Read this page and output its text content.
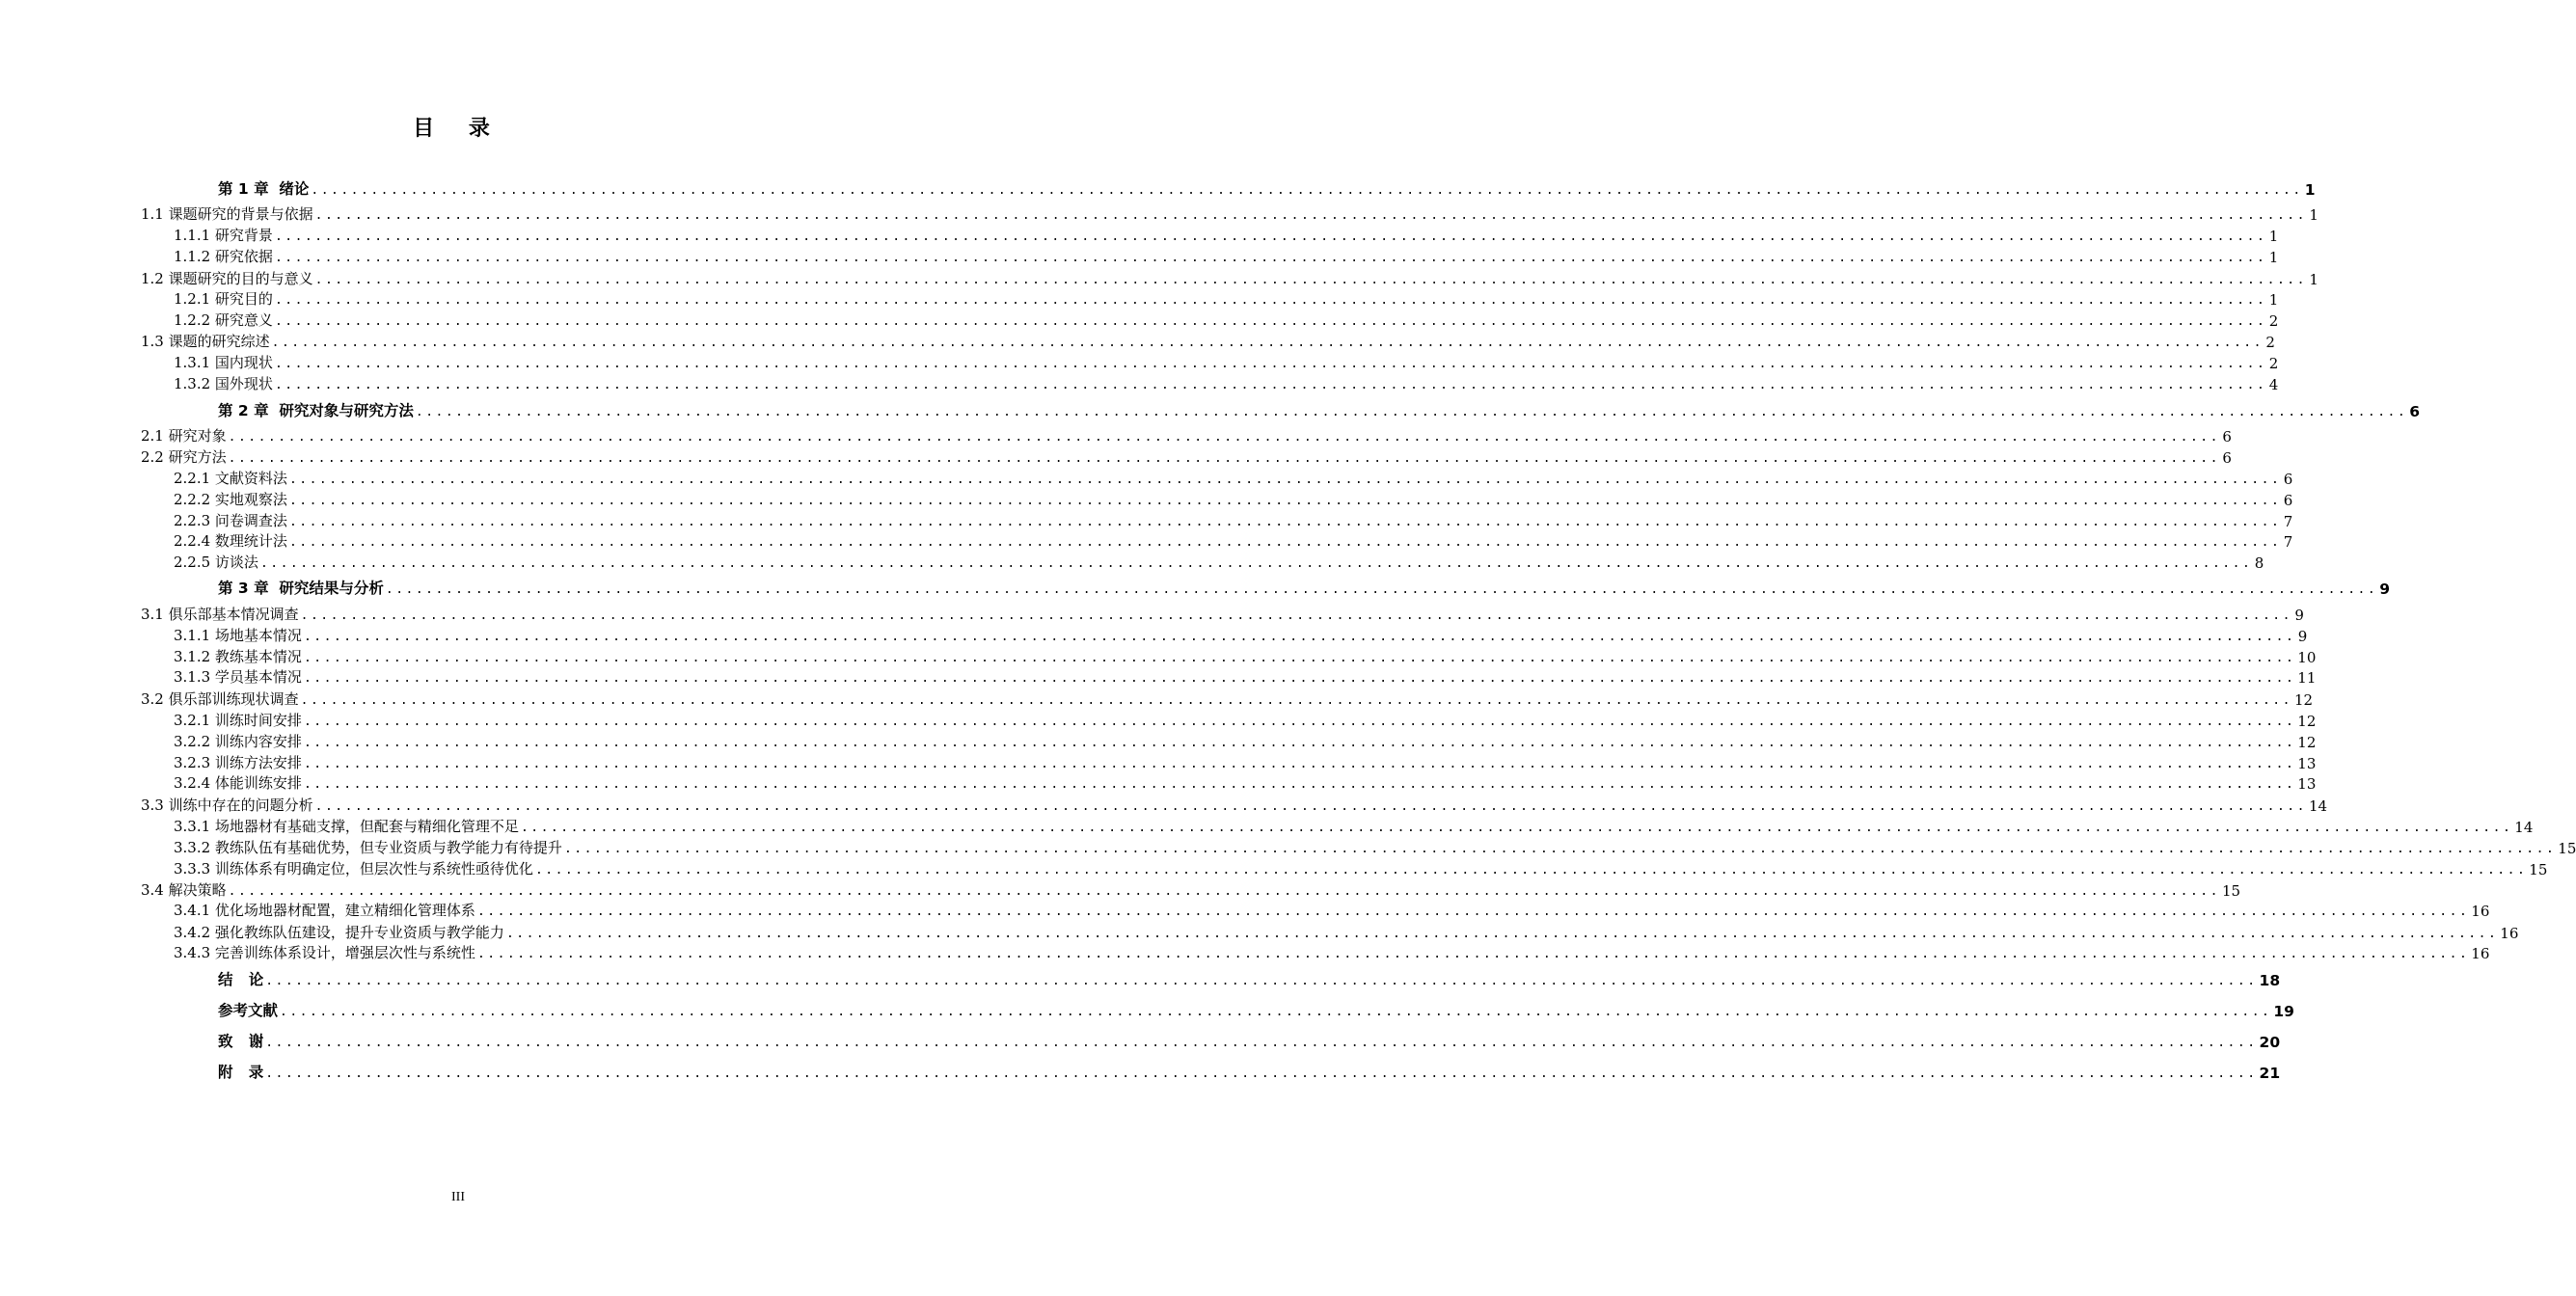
目 录
第 1 章  绪论 ........................................................................................................................................................................................................ 1
1.1 课题研究的背景与依据 ........................................................................................................................................................................................................ 1
1.1.1 研究背景 ........................................................................................................................................................................................................ 1
1.1.2 研究依据 ........................................................................................................................................................................................................ 1
1.2 课题研究的目的与意义 ........................................................................................................................................................................................................ 1
1.2.1 研究目的 ........................................................................................................................................................................................................ 1
1.2.2 研究意义 ........................................................................................................................................................................................................ 2
1.3 课题的研究综述 ........................................................................................................................................................................................................ 2
1.3.1 国内现状 ........................................................................................................................................................................................................ 2
1.3.2 国外现状 ........................................................................................................................................................................................................ 4
第 2 章  研究对象与研究方法 ........................................................................................................................................................................................................ 6
2.1 研究对象 ........................................................................................................................................................................................................ 6
2.2 研究方法 ........................................................................................................................................................................................................ 6
2.2.1 文献资料法 ........................................................................................................................................................................................................ 6
2.2.2 实地观察法 ........................................................................................................................................................................................................ 6
2.2.3 问卷调查法 ........................................................................................................................................................................................................ 7
2.2.4 数理统计法 ........................................................................................................................................................................................................ 7
2.2.5 访谈法 ........................................................................................................................................................................................................ 8
第 3 章  研究结果与分析 ........................................................................................................................................................................................................ 9
3.1 俱乐部基本情况调查 ........................................................................................................................................................................................................ 9
3.1.1 场地基本情况 ........................................................................................................................................................................................................ 9
3.1.2 教练基本情况 ........................................................................................................................................................................................................ 10
3.1.3 学员基本情况 ........................................................................................................................................................................................................ 11
3.2 俱乐部训练现状调查 ........................................................................................................................................................................................................ 12
3.2.1 训练时间安排 ........................................................................................................................................................................................................ 12
3.2.2 训练内容安排 ........................................................................................................................................................................................................ 12
3.2.3 训练方法安排 ........................................................................................................................................................................................................ 13
3.2.4 体能训练安排 ........................................................................................................................................................................................................ 13
3.3 训练中存在的问题分析 ........................................................................................................................................................................................................ 14
3.3.1 场地器材有基础支撑，但配套与精细化管理不足 ........................................................................................................................................................................................................ 14
3.3.2 教练队伍有基础优势，但专业资质与教学能力有待提升 ........................................................................................................................................................................................................ 15
3.3.3 训练体系有明确定位，但层次性与系统性亟待优化 ........................................................................................................................................................................................................ 15
3.4 解决策略 ........................................................................................................................................................................................................ 15
3.4.1 优化场地器材配置，建立精细化管理体系 ........................................................................................................................................................................................................ 16
3.4.2 强化教练队伍建设，提升专业资质与教学能力 ........................................................................................................................................................................................................ 16
3.4.3 完善训练体系设计，增强层次性与系统性 ........................................................................................................................................................................................................ 16
结   论 ........................................................................................................................................................................................................ 18
参考文献 ........................................................................................................................................................................................................ 19
致   谢 ........................................................................................................................................................................................................ 20
附   录 ........................................................................................................................................................................................................ 21
III
